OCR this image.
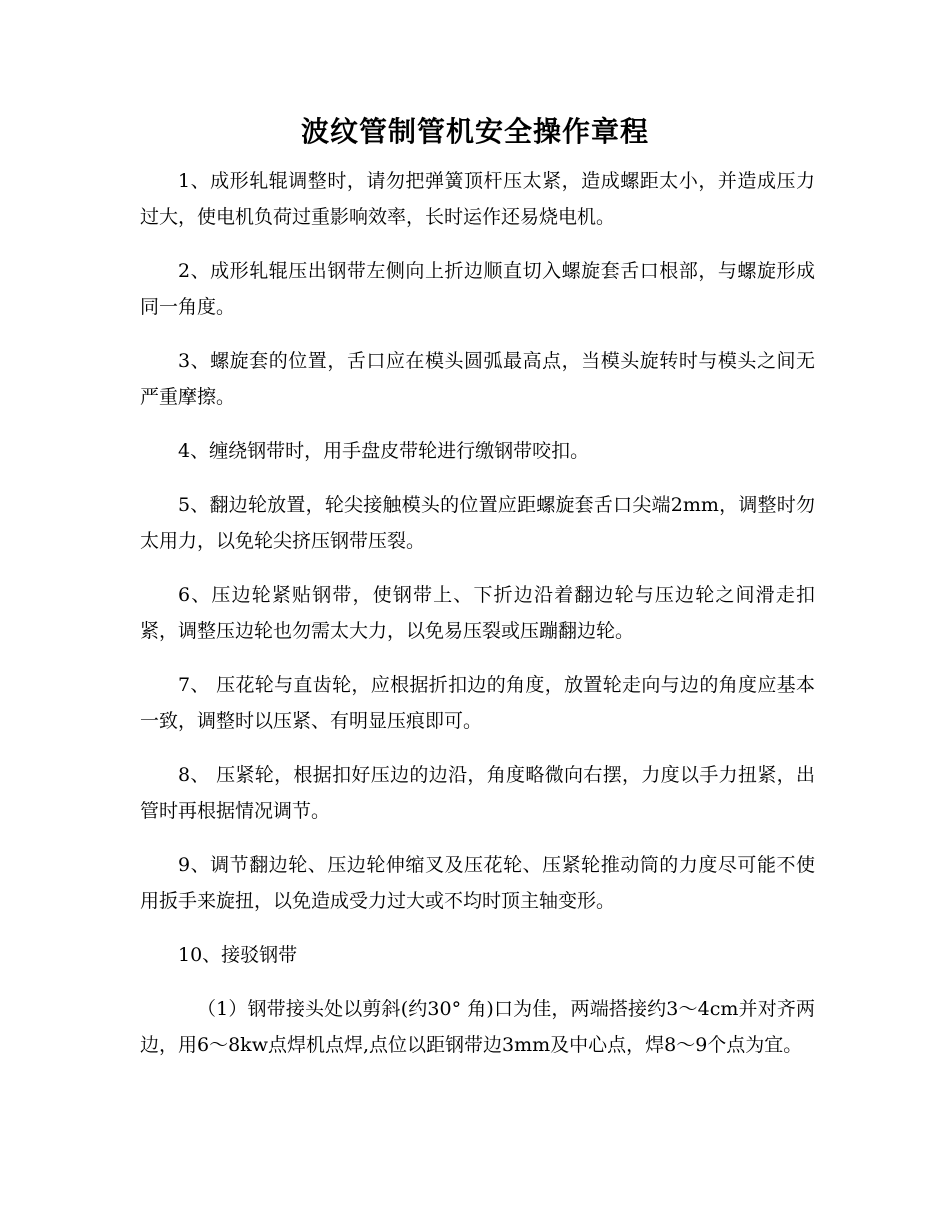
波纹管制管机安全操作章程

1、成形轧辊调整时，请勿把弹簧顶杆压太紧，造成螺距太小，并造成压力过大，使电机负荷过重影响效率，长时运作还易烧电机。

2、成形轧辊压出钢带左侧向上折边顺直切入螺旋套舌口根部，与螺旋形成同一角度。

3、螺旋套的位置，舌口应在模头圆弧最高点，当模头旋转时与模头之间无严重摩擦。

4、缠绕钢带时，用手盘皮带轮进行缴钢带咬扣。

5、翻边轮放置，轮尖接触模头的位置应距螺旋套舌口尖端2mm，调整时勿太用力，以免轮尖挤压钢带压裂。

6、压边轮紧贴钢带，使钢带上、下折边沿着翻边轮与压边轮之间滑走扣紧，调整压边轮也勿需太大力，以免易压裂或压蹦翻边轮。

7、 压花轮与直齿轮，应根据折扣边的角度，放置轮走向与边的角度应基本一致，调整时以压紧、有明显压痕即可。

8、 压紧轮，根据扣好压边的边沿，角度略微向右摆，力度以手力扭紧，出管时再根据情况调节。

9、调节翻边轮、压边轮伸缩叉及压花轮、压紧轮推动筒的力度尽可能不使用扳手来旋扭，以免造成受力过大或不均时顶主轴变形。

10、接驳钢带

（1）钢带接头处以剪斜(约30° 角)口为佳，两端搭接约3～4cm并对齐两边，用6～8kw点焊机点焊,点位以距钢带边3mm及中心点，焊8～9个点为宜。
